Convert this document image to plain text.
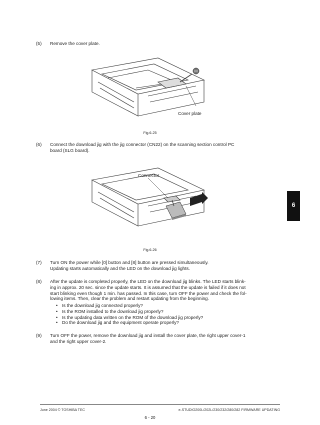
(5) Remove the cover plate.
Cover plate
Fig.6-25
(6) Connect the download jig with the jig connector (CN22) on the scanning section control PC
board (SLG board).
Connector
Fig.6-26
(7) Turn ON the power while [0] button and [8] button are pressed simultaneously.
Updating starts automatically and the LED on the download jig lights.
(8) After the update is completed properly, the LED on the download jig blinks. The LED starts blink-
ing in approx. 20 sec. since the update starts. It is assumed that the update is failed if it does not
start blinking even though 1 min. has passed. In this case, turn OFF the power and check the fol-
lowing items. Then, clear the problem and restart updating from the beginning.
• Is the download jig connected properly?
• Is the ROM installed to the download jig properly?
• Is the updating data written on the ROM of the download jig properly?
• Do the download jig and the equipment operate properly?
(9) Turn OFF the power, remove the download jig and install the cover plate, the right upper cover-1
and the right upper cover-2.
6
June 2004 © TOSHIBA TEC	e-STUDIO200L/202L/230/232/280/282 FIRMWARE UPDATING
6 - 20
